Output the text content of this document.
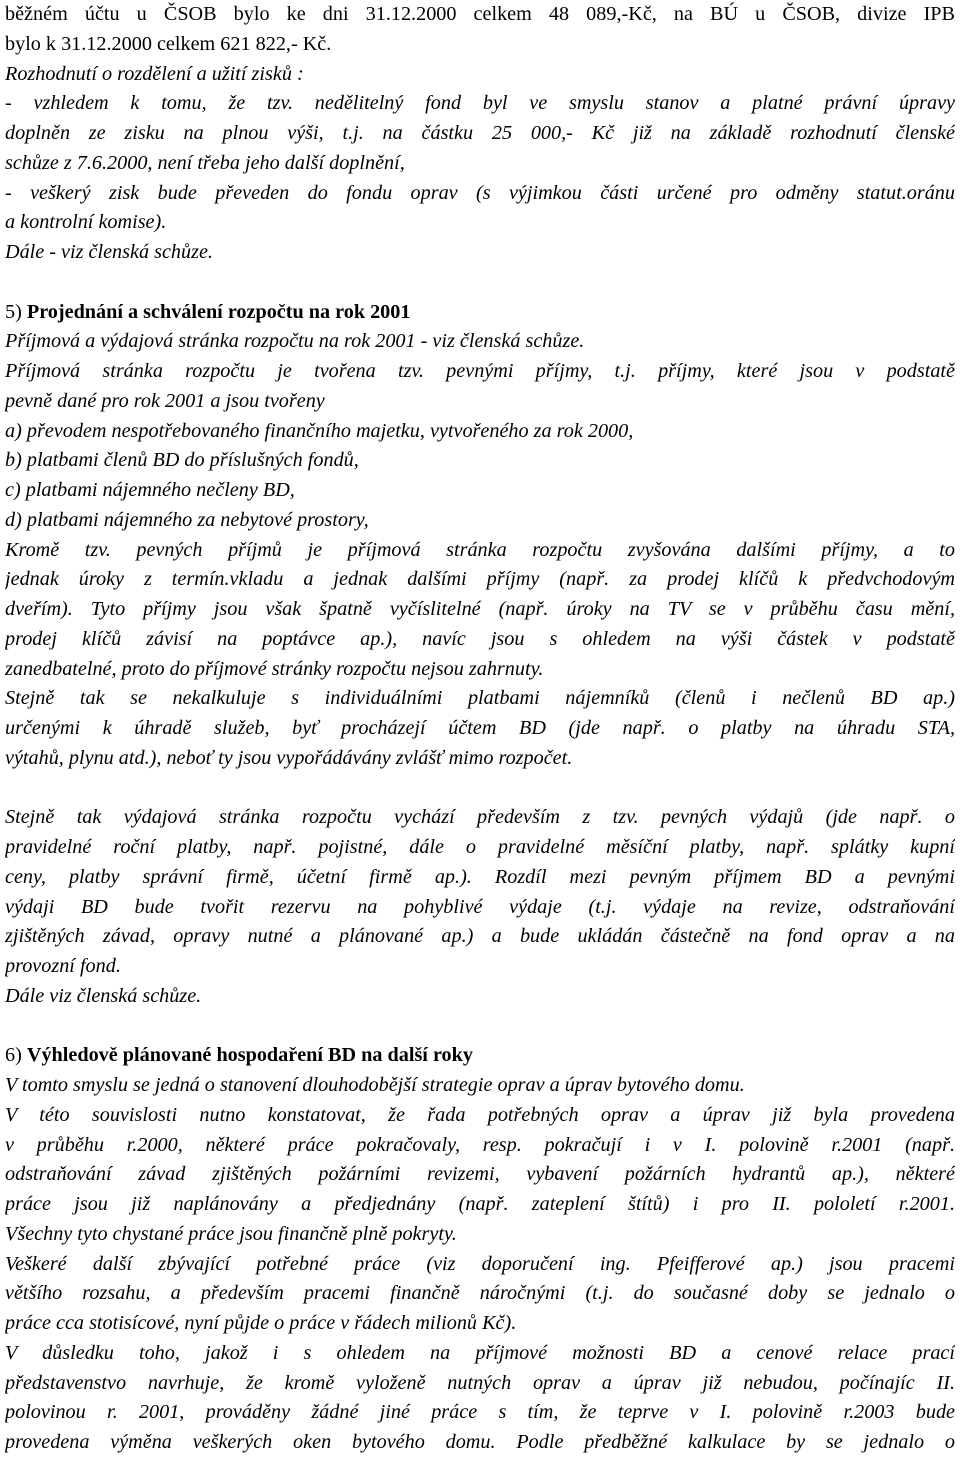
běžném účtu u ČSOB bylo ke dni 31.12.2000 celkem 48 089,-Kč, na BÚ u ČSOB, divize IPB
bylo k 31.12.2000 celkem 621 822,- Kč.
Rozhodnutí o rozdělení a užití zisků :
- vzhledem k tomu, že tzv. nedělitelný fond byl ve smyslu stanov a platné právní úpravy
doplněn ze zisku na plnou výši, t.j. na částku 25 000,- Kč již na základě rozhodnutí členské
schůze z 7.6.2000, není třeba jeho další doplnění,
- veškerý zisk bude převeden do fondu oprav (s výjimkou části určené pro odměny statut.oránu
a kontrolní komise).
Dále - viz členská schůze.
5) Projednání a schválení rozpočtu na rok 2001
Příjmová a výdajová stránka rozpočtu na rok 2001 - viz členská schůze.
Příjmová stránka rozpočtu je tvořena tzv. pevnými příjmy, t.j. příjmy, které jsou v podstatě
pevně dané pro rok 2001 a jsou tvořeny
a) převodem nespotřebovaného finančního majetku, vytvořeného za rok 2000,
b) platbami členů BD do příslušných fondů,
c) platbami nájemného nečleny BD,
d) platbami nájemného za nebytové prostory,
Kromě tzv. pevných příjmů je příjmová stránka rozpočtu zvyšována dalšími příjmy, a to
jednak úroky z termín.vkladu a jednak dalšími příjmy (např. za prodej klíčů k předvchodovým
dveřím). Tyto příjmy jsou však špatně vyčíslitelné (např. úroky na TV se v průběhu času mění,
prodej klíčů závisí na poptávce ap.), navíc jsou s ohledem na výši částek v podstatě
zanedbatelné, proto do příjmové stránky rozpočtu nejsou zahrnuty.
Stejně tak se nekalkuluje s individuálními platbami nájemníků (členů i nečlenů BD ap.)
určenými k úhradě služeb, byť procházejí účtem BD (jde např. o platby na úhradu STA,
výtahů, plynu atd.), neboť ty jsou vypořádávány zvlášť mimo rozpočet.
Stejně tak výdajová stránka rozpočtu vychází především z tzv. pevných výdajů (jde např. o
pravidelné roční platby, např. pojistné, dále o pravidelné měsíční platby, např. splátky kupní
ceny, platby správní firmě, účetní firmě ap.). Rozdíl mezi pevným příjmem BD a pevnými
výdaji BD bude tvořit rezervu na pohyblivé výdaje (t.j. výdaje na revize, odstraňování
zjištěných závad, opravy nutné a plánované ap.) a bude ukládán částečně na fond oprav a na
provozní fond.
Dále viz členská schůze.
6) Výhledově plánované hospodaření BD na další roky
V tomto smyslu se jedná o stanovení dlouhodobější strategie oprav a úprav bytového domu.
V této souvislosti nutno konstatovat, že řada potřebných oprav a úprav již byla provedena
v průběhu r.2000, některé práce pokračovaly, resp. pokračují i v I. polovině r.2001 (např.
odstraňování závad zjištěných požárními revizemi, vybavení požárních hydrantů ap.), některé
práce jsou již naplánovány a předjednány (např. zateplení štítů) i pro II. pololetí r.2001.
Všechny tyto chystané práce jsou finančně plně pokryty.
Veškeré další zbývající potřebné práce (viz doporučení ing. Pfeifferové ap.) jsou pracemi
většího rozsahu, a především pracemi finančně náročnými (t.j. do současné doby se jednalo o
práce cca stotisícové, nyní půjde o práce v řádech milionů Kč).
V důsledku toho, jakož i s ohledem na příjmové možnosti BD a cenové relace prací
představenstvo navrhuje, že kromě vyloženě nutných oprav a úprav již nebudou, počínajíc II.
polovinou r. 2001, prováděny žádné jiné práce s tím, že teprve v I. polovině r.2003 bude
provedena výměna veškerých oken bytového domu. Podle předběžné kalkulace by se jednalo o
